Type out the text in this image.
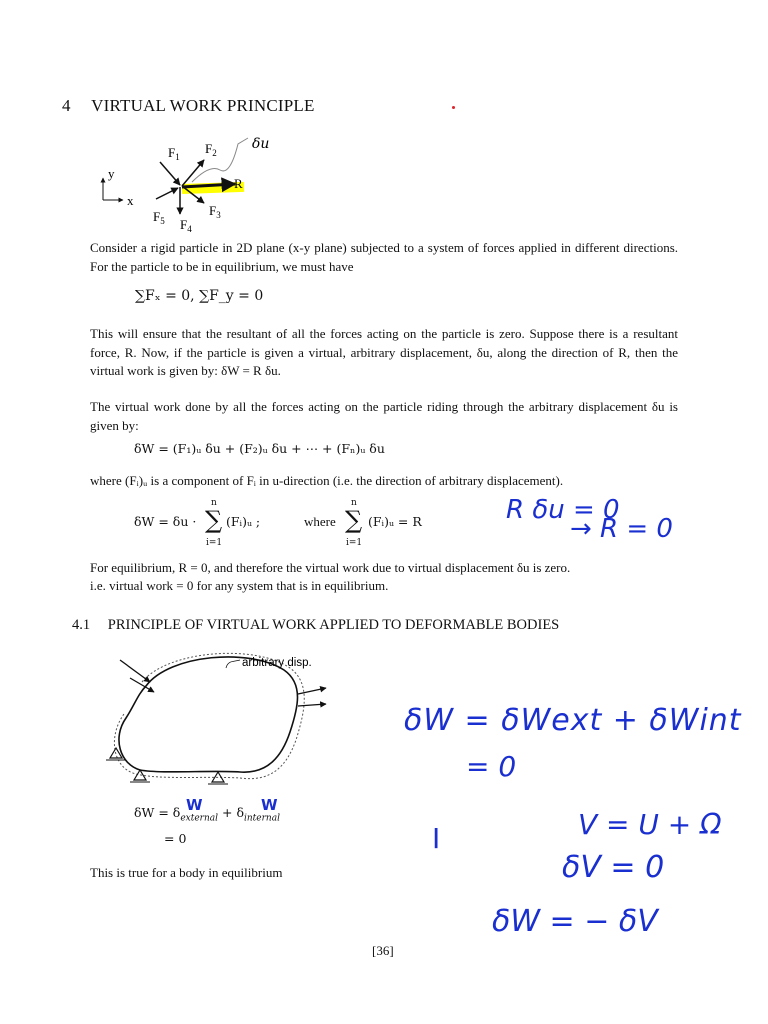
4 VIRTUAL WORK PRINCIPLE
y
x
$F_1$
$F_2$
$F_3$
$F_4$
$F_5$
R
δu
Consider a rigid particle in 2D plane (x-y plane) subjected to a system of forces applied in different directions. For the particle to be in equilibrium, we must have
∑Fₓ = 0, ∑F_y = 0
This will ensure that the resultant of all the forces acting on the particle is zero. Suppose there is a resultant force, R. Now, if the particle is given a virtual, arbitrary displacement, δu, along the direction of R, then the virtual work is given by: δW = R δu.
The virtual work done by all the forces acting on the particle riding through the arbitrary displacement δu is given by:
δW = (F₁)ᵤ δu + (F₂)ᵤ δu + ⋯ + (Fₙ)ᵤ δu
where (Fᵢ)ᵤ is a component of Fᵢ in u-direction (i.e. the direction of arbitrary displacement).
δW = δu ·
n
∑
i=1
(Fᵢ)ᵤ ;	where
n
∑
i=1
(Fᵢ)ᵤ = R
For equilibrium, R = 0, and therefore the virtual work due to virtual displacement δu is zero.
i.e. virtual work = 0 for any system that is in equilibrium.
4.1 PRINCIPLE OF VIRTUAL WORK APPLIED TO DEFORMABLE BODIES
arbitrary disp.
$\delta W = \delta_{external} + \delta_{internal}$
W	W
= 0
This is true for a body in equilibrium
[36]
R δu = 0
→ R = 0
δW = δWext + δWint
= 0
I	V = U + Ω
δV = 0
δW = − δV
